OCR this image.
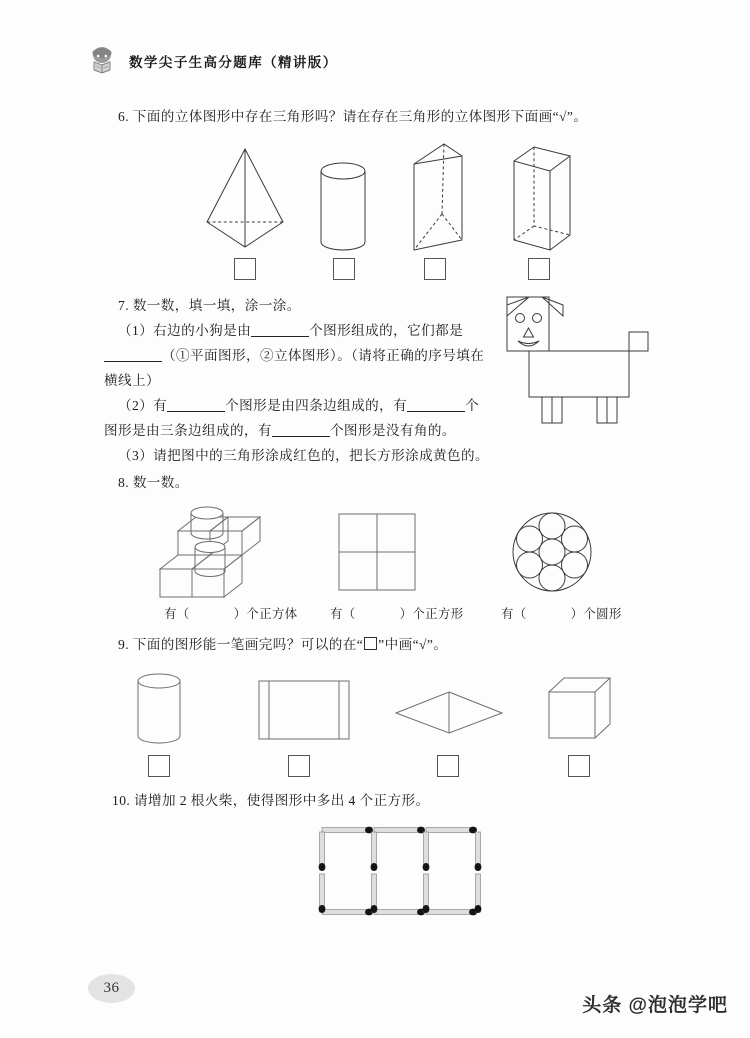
数学尖子生高分题库（精讲版）
6. 下面的立体图形中存在三角形吗？请在存在三角形的立体图形下面画“√”。
7. 数一数，填一填，涂一涂。
（1）右边的小狗是由	个图形组成的，它们都是
（①平面图形，②立体图形）。（请将正确的序号填在
横线上）
（2）有	个图形是由四条边组成的，有	个
图形是由三条边组成的，有	个图形是没有角的。
（3）请把图中的三角形涂成红色的，把长方形涂成黄色的。
8. 数一数。
有（	）个正方体	有（	）个正方形	有（	）个圆形
9. 下面的图形能一笔画完吗？可以的在“ ”中画“√”。
10. 请增加 2 根火柴，使得图形中多出 4 个正方形。
36
头条 @泡泡学吧
